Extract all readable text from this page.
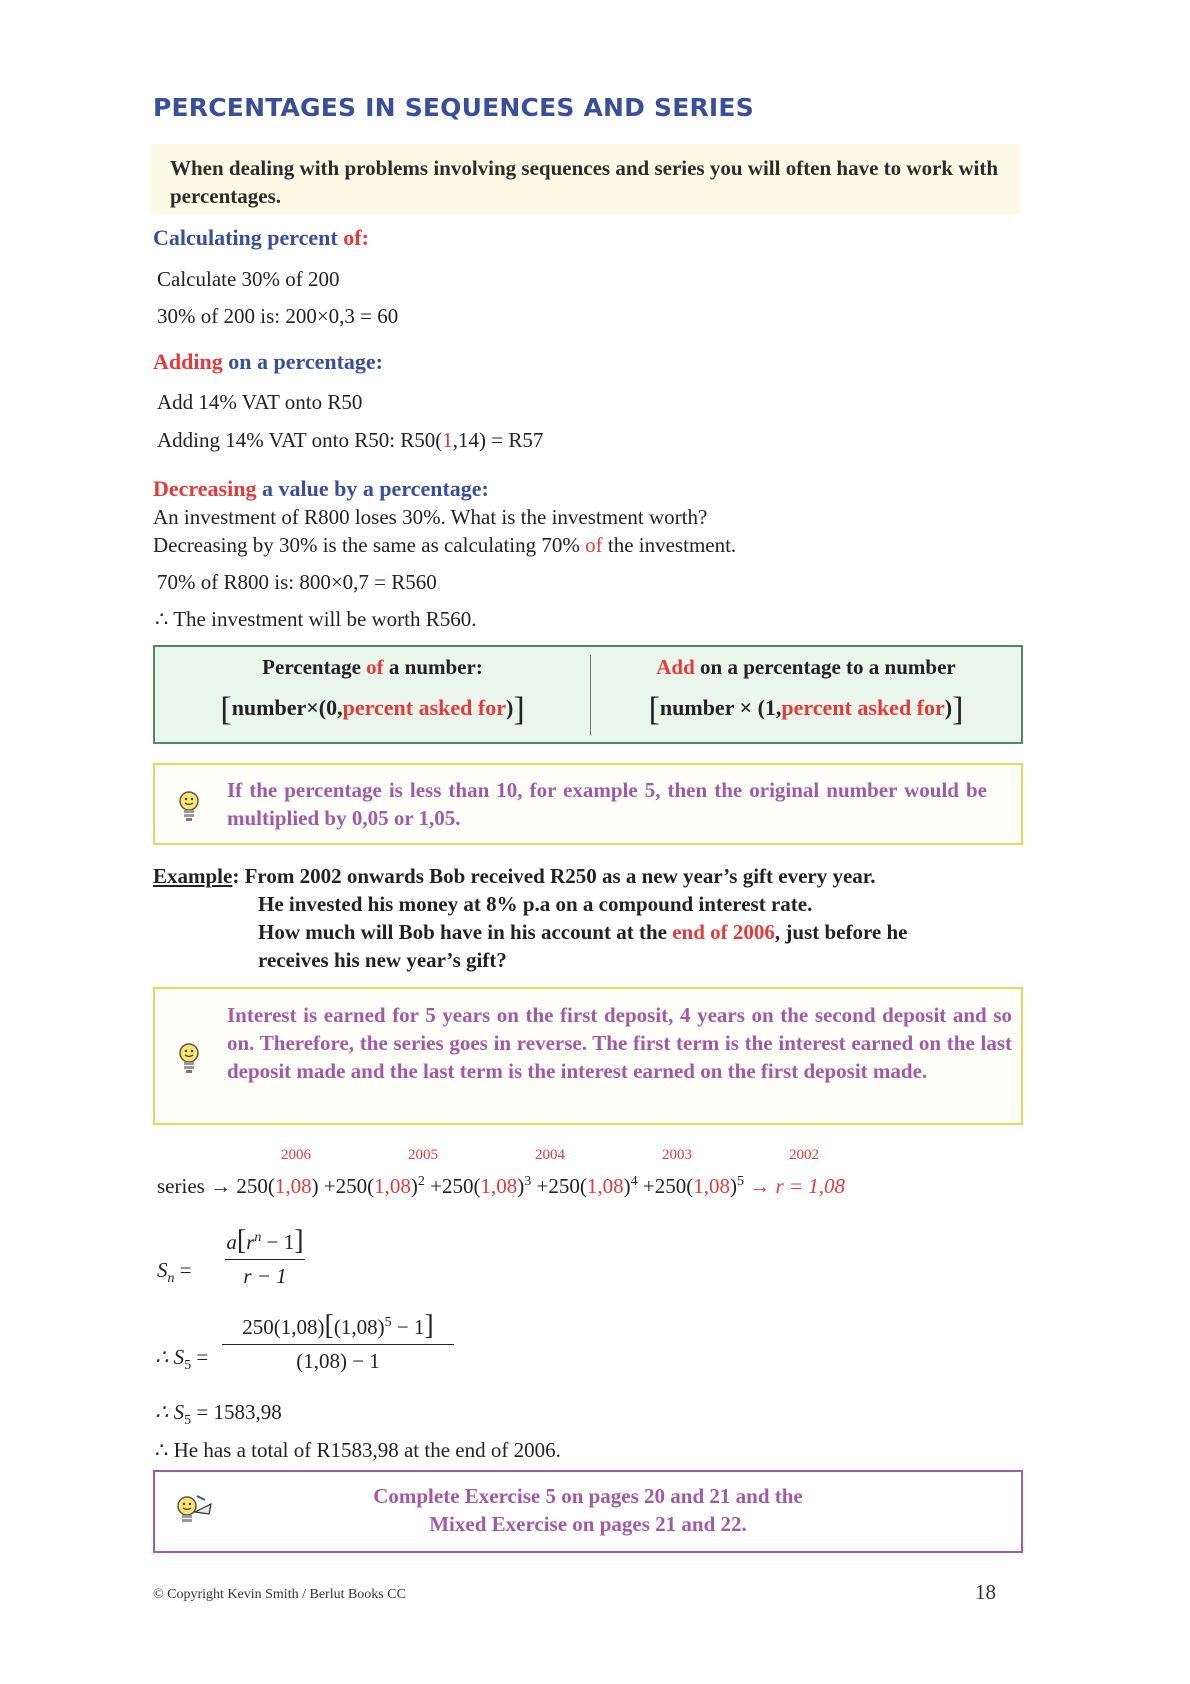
PERCENTAGES IN SEQUENCES AND SERIES

When dealing with problems involving sequences and series you will often have to work with percentages.

Calculating percent of:
Calculate 30% of 200
30% of 200 is: 200×0,3 = 60
Adding on a percentage:
Add 14% VAT onto R50
Adding 14% VAT onto R50: R50(1,14) = R57
Decreasing a value by a percentage:
An investment of R800 loses 30%. What is the investment worth?
Decreasing by 30% is the same as calculating 70% of the investment.
70% of R800 is: 800×0,7 = R560
∴ The investment will be worth R560.
Percentage of a number:
[number×(0,percent asked for)]
Add on a percentage to a number
[number × (1,percent asked for)]
If the percentage is less than 10, for example 5, then the original number would be multiplied by 0,05 or 1,05.
Example: From 2002 onwards Bob received R250 as a new year’s gift every year.
He invested his money at 8% p.a on a compound interest rate.
How much will Bob have in his account at the end of 2006, just before he
receives his new year’s gift?
Interest is earned for 5 years on the first deposit, 4 years on the second deposit and so on. Therefore, the series goes in reverse. The first term is the interest earned on the last deposit made and the last term is the interest earned on the first deposit made.
2006	2005	2004	2003	2002
series → $250(1,08) +250(1,08)^2 +250(1,08)^3 +250(1,08)^4 +250(1,08)^5 \to r = 1,08$
$S_n = \frac{a[r^n - 1]}{r - 1}$
∴ $S_5 = \frac{250(1,08)[(1,08)^5 - 1]}{(1,08) - 1}$
∴ $S_5 = 1583,98$
∴ He has a total of R1583,98 at the end of 2006.
Complete Exercise 5 on pages 20 and 21 and the
Mixed Exercise on pages 21 and 22.
© Copyright Kevin Smith / Berlut Books CC	18
